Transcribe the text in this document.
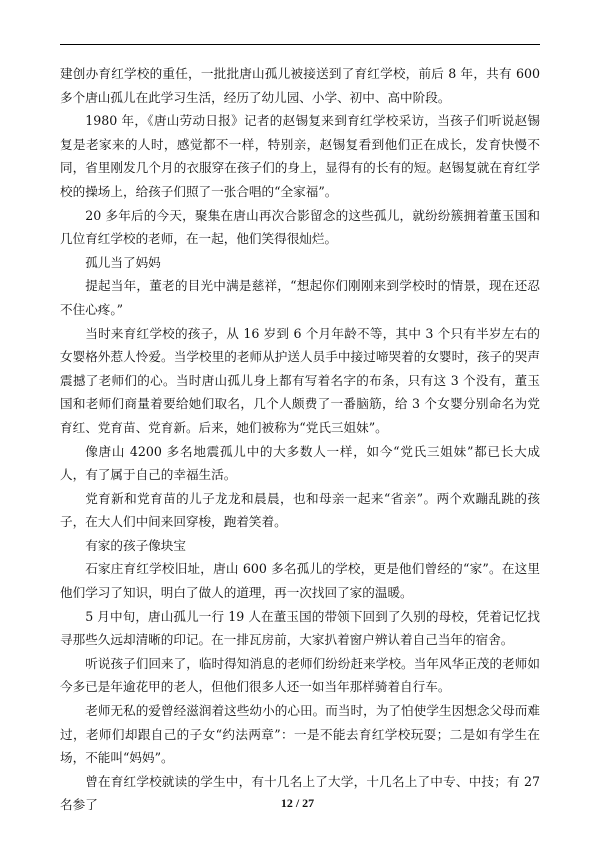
建创办育红学校的重任，一批批唐山孤儿被接送到了育红学校，前后 8 年，共有 600 多个唐山孤儿在此学习生活，经历了幼儿园、小学、初中、高中阶段。

1980 年，《唐山劳动日报》记者的赵锡复来到育红学校采访，当孩子们听说赵锡复是老家来的人时，感觉都不一样，特别亲，赵锡复看到他们正在成长，发育快慢不同，省里刚发几个月的衣服穿在孩子们的身上，显得有的长有的短。赵锡复就在育红学校的操场上，给孩子们照了一张合唱的“全家福”。

20 多年后的今天，聚集在唐山再次合影留念的这些孤儿，就纷纷簇拥着董玉国和几位育红学校的老师，在一起，他们笑得很灿烂。

孤儿当了妈妈

提起当年，董老的目光中满是慈祥，“想起你们刚刚来到学校时的情景，现在还忍不住心疼。”

当时来育红学校的孩子，从 16 岁到 6 个月年龄不等，其中 3 个只有半岁左右的女婴格外惹人怜爱。当学校里的老师从护送人员手中接过啼哭着的女婴时，孩子的哭声震撼了老师们的心。当时唐山孤儿身上都有写着名字的布条，只有这 3 个没有，董玉国和老师们商量着要给她们取名，几个人颇费了一番脑筋，给 3 个女婴分别命名为党育红、党育苗、党育新。后来，她们被称为“党氏三姐妹”。

像唐山 4200 多名地震孤儿中的大多数人一样，如今“党氏三姐妹”都已长大成人，有了属于自己的幸福生活。

党育新和党育苗的儿子龙龙和晨晨，也和母亲一起来“省亲”。两个欢蹦乱跳的孩子，在大人们中间来回穿梭，跑着笑着。

有家的孩子像块宝

石家庄育红学校旧址，唐山 600 多名孤儿的学校，更是他们曾经的“家”。在这里他们学习了知识，明白了做人的道理，再一次找回了家的温暖。

5 月中旬，唐山孤儿一行 19 人在董玉国的带领下回到了久别的母校，凭着记忆找寻那些久远却清晰的印记。在一排瓦房前，大家扒着窗户辨认着自己当年的宿舍。

听说孩子们回来了，临时得知消息的老师们纷纷赶来学校。当年风华正茂的老师如今多已是年逾花甲的老人，但他们很多人还一如当年那样骑着自行车。

老师无私的爱曾经滋润着这些幼小的心田。而当时，为了怕使学生因想念父母而难过，老师们却跟自己的子女“约法两章”：一是不能去育红学校玩耍；二是如有学生在场，不能叫“妈妈”。

曾在育红学校就读的学生中，有十几名上了大学，十几名上了中专、中技；有 27 名参了	12 / 27
